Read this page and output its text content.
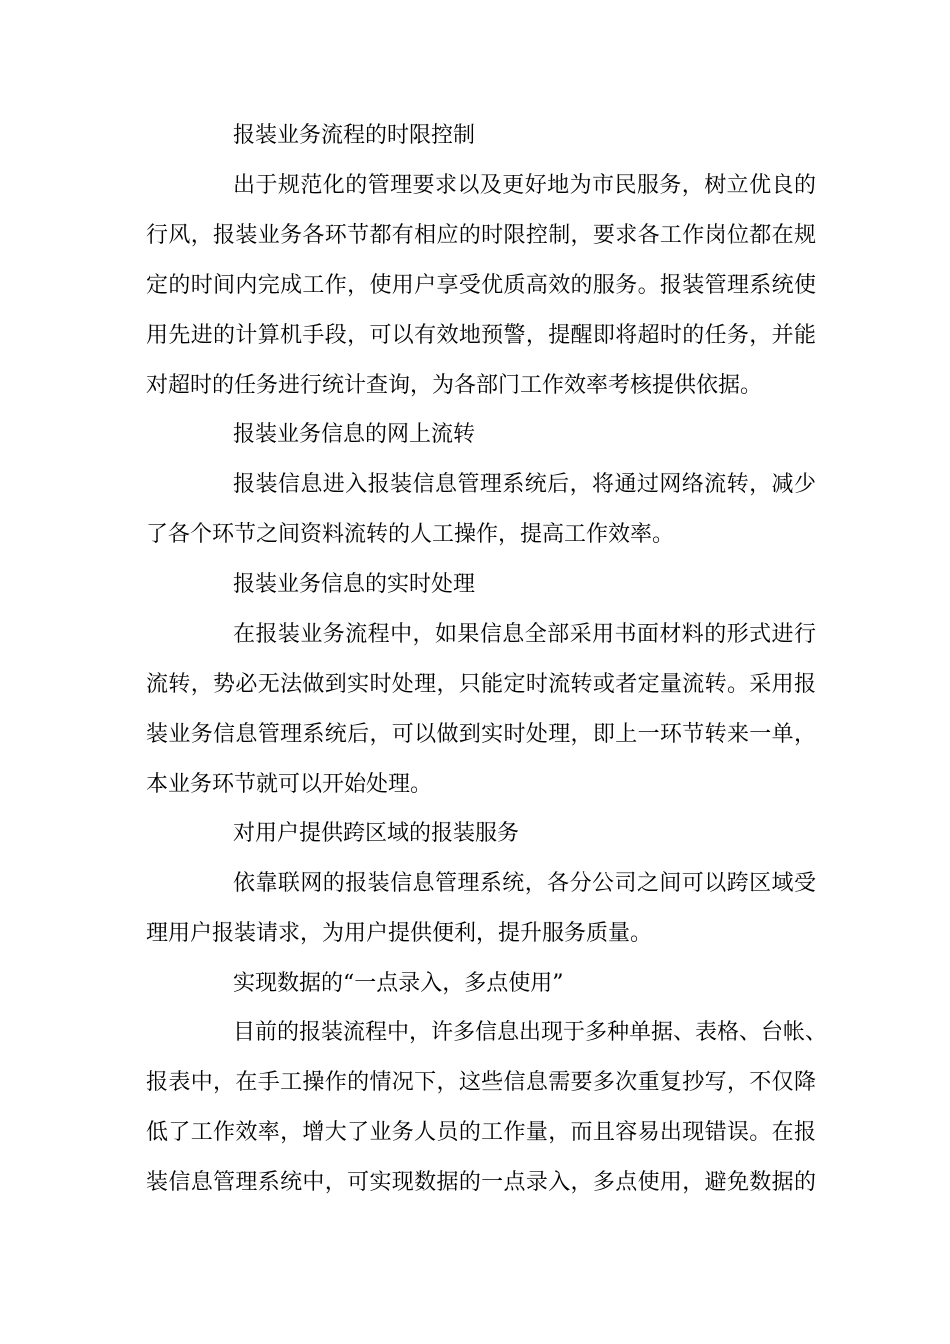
报装业务流程的时限控制
出于规范化的管理要求以及更好地为市民服务，树立优良的
行风，报装业务各环节都有相应的时限控制，要求各工作岗位都在规
定的时间内完成工作，使用户享受优质高效的服务。报装管理系统使
用先进的计算机手段，可以有效地预警，提醒即将超时的任务，并能
对超时的任务进行统计查询，为各部门工作效率考核提供依据。
报装业务信息的网上流转
报装信息进入报装信息管理系统后，将通过网络流转，减少
了各个环节之间资料流转的人工操作，提高工作效率。
报装业务信息的实时处理
在报装业务流程中，如果信息全部采用书面材料的形式进行
流转，势必无法做到实时处理，只能定时流转或者定量流转。采用报
装业务信息管理系统后，可以做到实时处理，即上一环节转来一单，
本业务环节就可以开始处理。
对用户提供跨区域的报装服务
依靠联网的报装信息管理系统，各分公司之间可以跨区域受
理用户报装请求，为用户提供便利，提升服务质量。
实现数据的“一点录入，多点使用”
目前的报装流程中，许多信息出现于多种单据、表格、台帐、
报表中，在手工操作的情况下，这些信息需要多次重复抄写，不仅降
低了工作效率，增大了业务人员的工作量，而且容易出现错误。在报
装信息管理系统中，可实现数据的一点录入，多点使用，避免数据的
